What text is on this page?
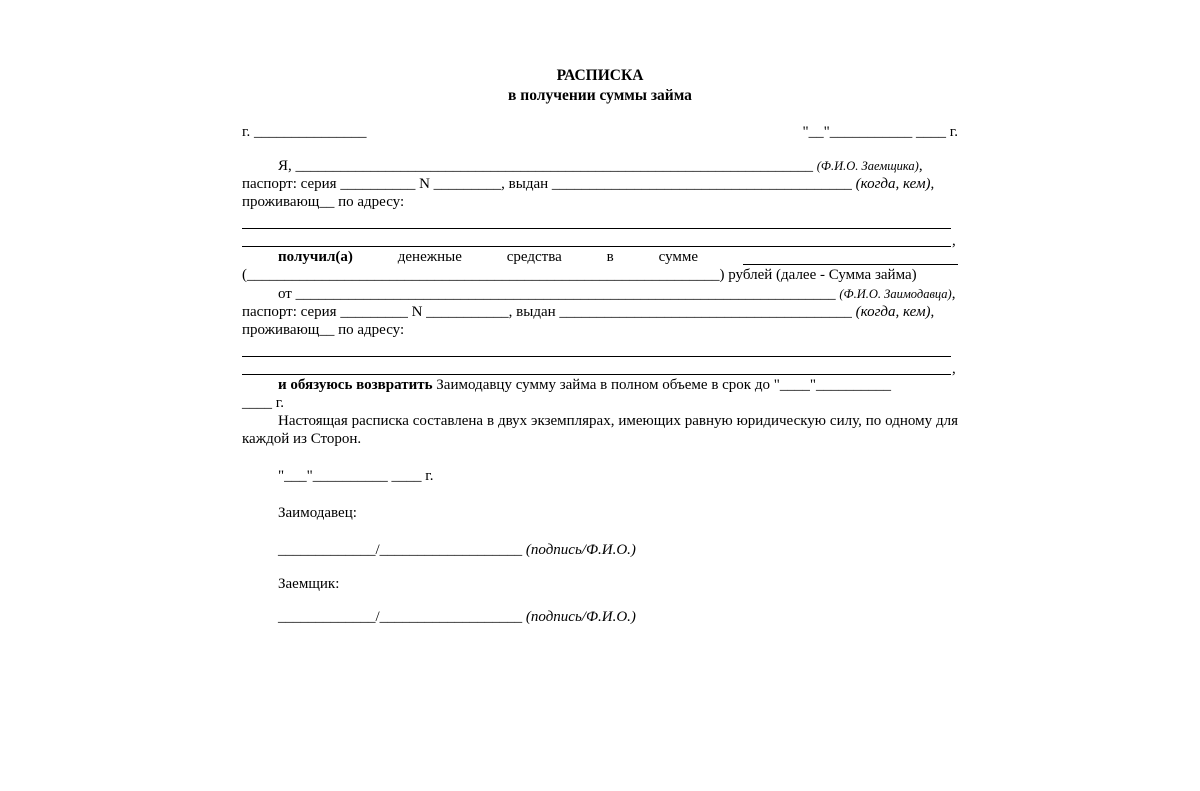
РАСПИСКА
в получении суммы займа
г. _______________	"__"___________ ____ г.
Я, _____________________________________________________________________ (Ф.И.О. Заемщика),
паспорт: серия __________ N _________, выдан ________________________________________ (когда, кем),
проживающ__ по адресу:
,
получил(а)	денежные	средства	в	сумме
(_______________________________________________________________) рублей (далее - Сумма займа)
от ________________________________________________________________________ (Ф.И.О. Заимодавца),
паспорт: серия _________ N ___________, выдан _______________________________________ (когда, кем),
проживающ__ по адресу:
,
и обязуюсь возвратить Заимодавцу сумму займа в полном объеме в срок до "____"__________
____ г.
Настоящая расписка составлена в двух экземплярах, имеющих равную юридическую силу, по одному для каждой из Сторон.
"___"__________ ____ г.
Заимодавец:
_____________/___________________ (подпись/Ф.И.О.)
Заемщик:
_____________/___________________ (подпись/Ф.И.О.)
